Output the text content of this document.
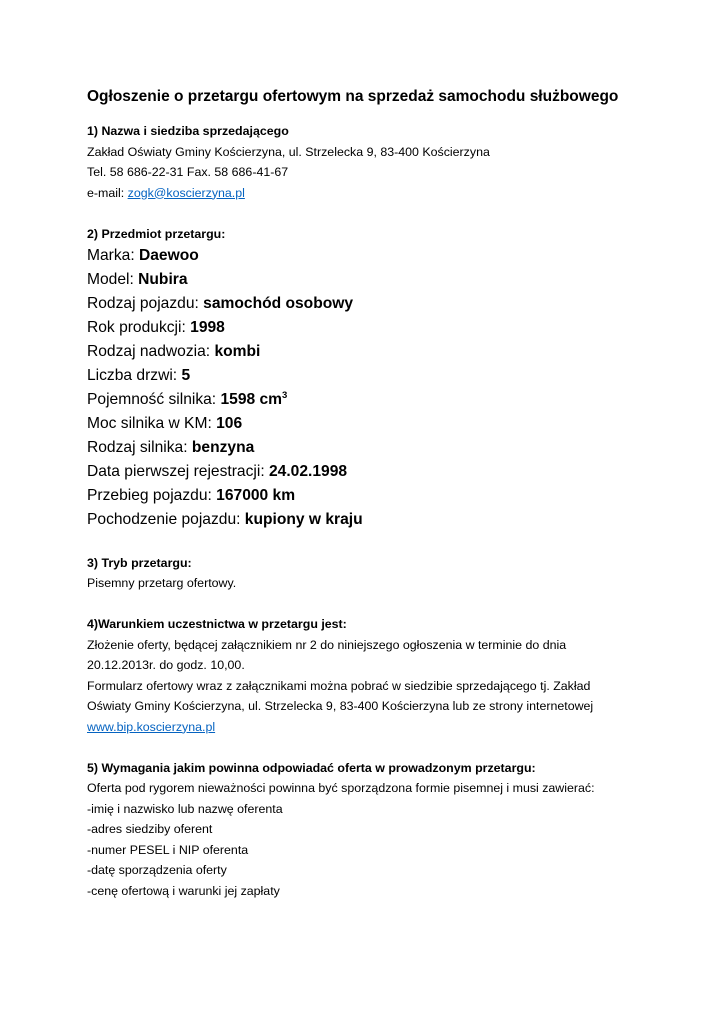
Ogłoszenie o przetargu ofertowym na sprzedaż samochodu służbowego
1) Nazwa i siedziba sprzedającego
Zakład Oświaty Gminy Kościerzyna, ul. Strzelecka 9, 83-400 Kościerzyna
Tel. 58 686-22-31 Fax. 58 686-41-67
e-mail: zogk@koscierzyna.pl
2) Przedmiot przetargu:
Marka: Daewoo
Model: Nubira
Rodzaj pojazdu: samochód osobowy
Rok produkcji: 1998
Rodzaj nadwozia: kombi
Liczba drzwi: 5
Pojemność silnika: 1598 $cm^3$
Moc silnika w KM: 106
Rodzaj silnika: benzyna
Data pierwszej rejestracji: 24.02.1998
Przebieg pojazdu: 167000 km
Pochodzenie pojazdu: kupiony w kraju
3) Tryb przetargu:
Pisemny przetarg ofertowy.
4)Warunkiem uczestnictwa w przetargu jest:
Złożenie oferty, będącej załącznikiem nr 2 do niniejszego ogłoszenia w terminie do dnia
20.12.2013r. do godz. 10,00.
Formularz ofertowy wraz z załącznikami można pobrać w siedzibie sprzedającego tj. Zakład
Oświaty Gminy Kościerzyna, ul. Strzelecka 9, 83-400 Kościerzyna lub ze strony internetowej
www.bip.koscierzyna.pl
5) Wymagania jakim powinna odpowiadać oferta w prowadzonym przetargu:
Oferta pod rygorem nieważności powinna być sporządzona formie pisemnej i musi zawierać:
-imię i nazwisko lub nazwę oferenta
-adres siedziby oferent
-numer PESEL i NIP oferenta
-datę sporządzenia oferty
-cenę ofertową i warunki jej zapłaty
